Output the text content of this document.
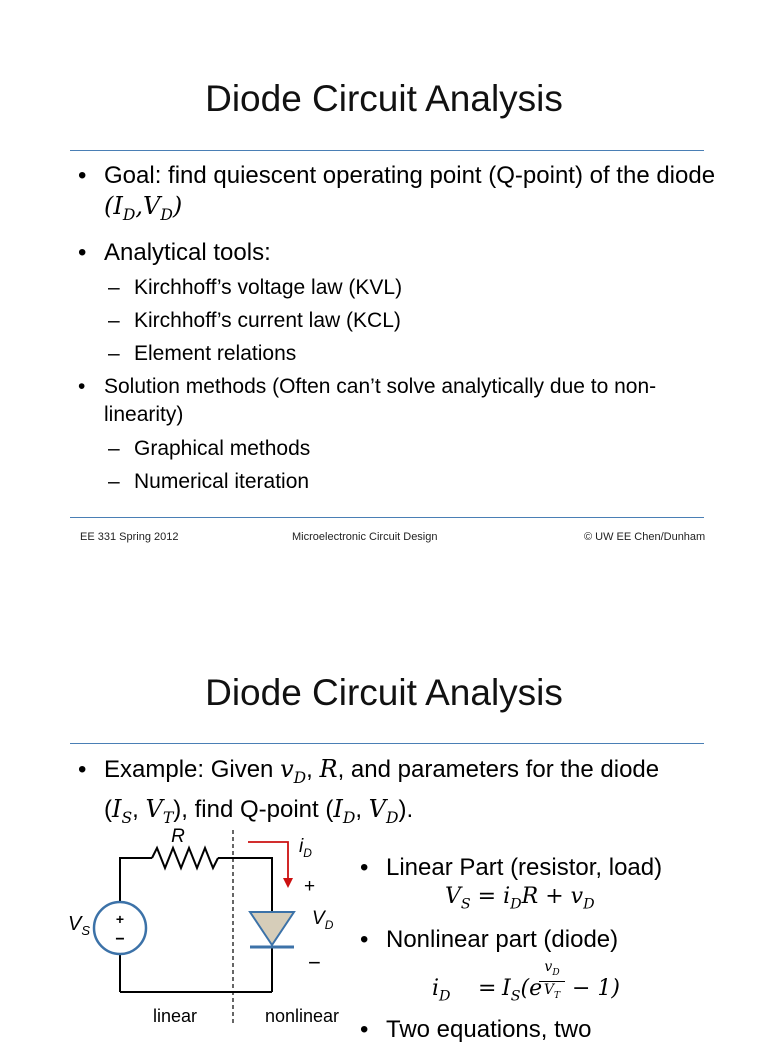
Diode Circuit Analysis
• Goal: find quiescent operating point (Q-point) of the diode $(I_D,V_D)$
• Analytical tools:
– Kirchhoff’s voltage law (KVL)
– Kirchhoff’s current law (KCL)
– Element relations
• Solution methods (Often can’t solve analytically due to non-linearity)
– Graphical methods
– Numerical iteration
EE 331 Spring 2012	Microelectronic Circuit Design	© UW EE Chen/Dunham
Diode Circuit Analysis
• Example: Given $v_D$, R, and parameters for the diode
($I_S$, $V_T$), find Q-point ($I_D$, $V_D$).
+
−
$V_S$
$i_D$
+
$V_D$
−
R
linear	nonlinear
• Linear Part (resistor, load)
$V_S = i_DR + v_D$
• Nonlinear part (diode)
$i_D = I_S(e$
$v_D$
$V_T - 1$)
• Two equations, two
